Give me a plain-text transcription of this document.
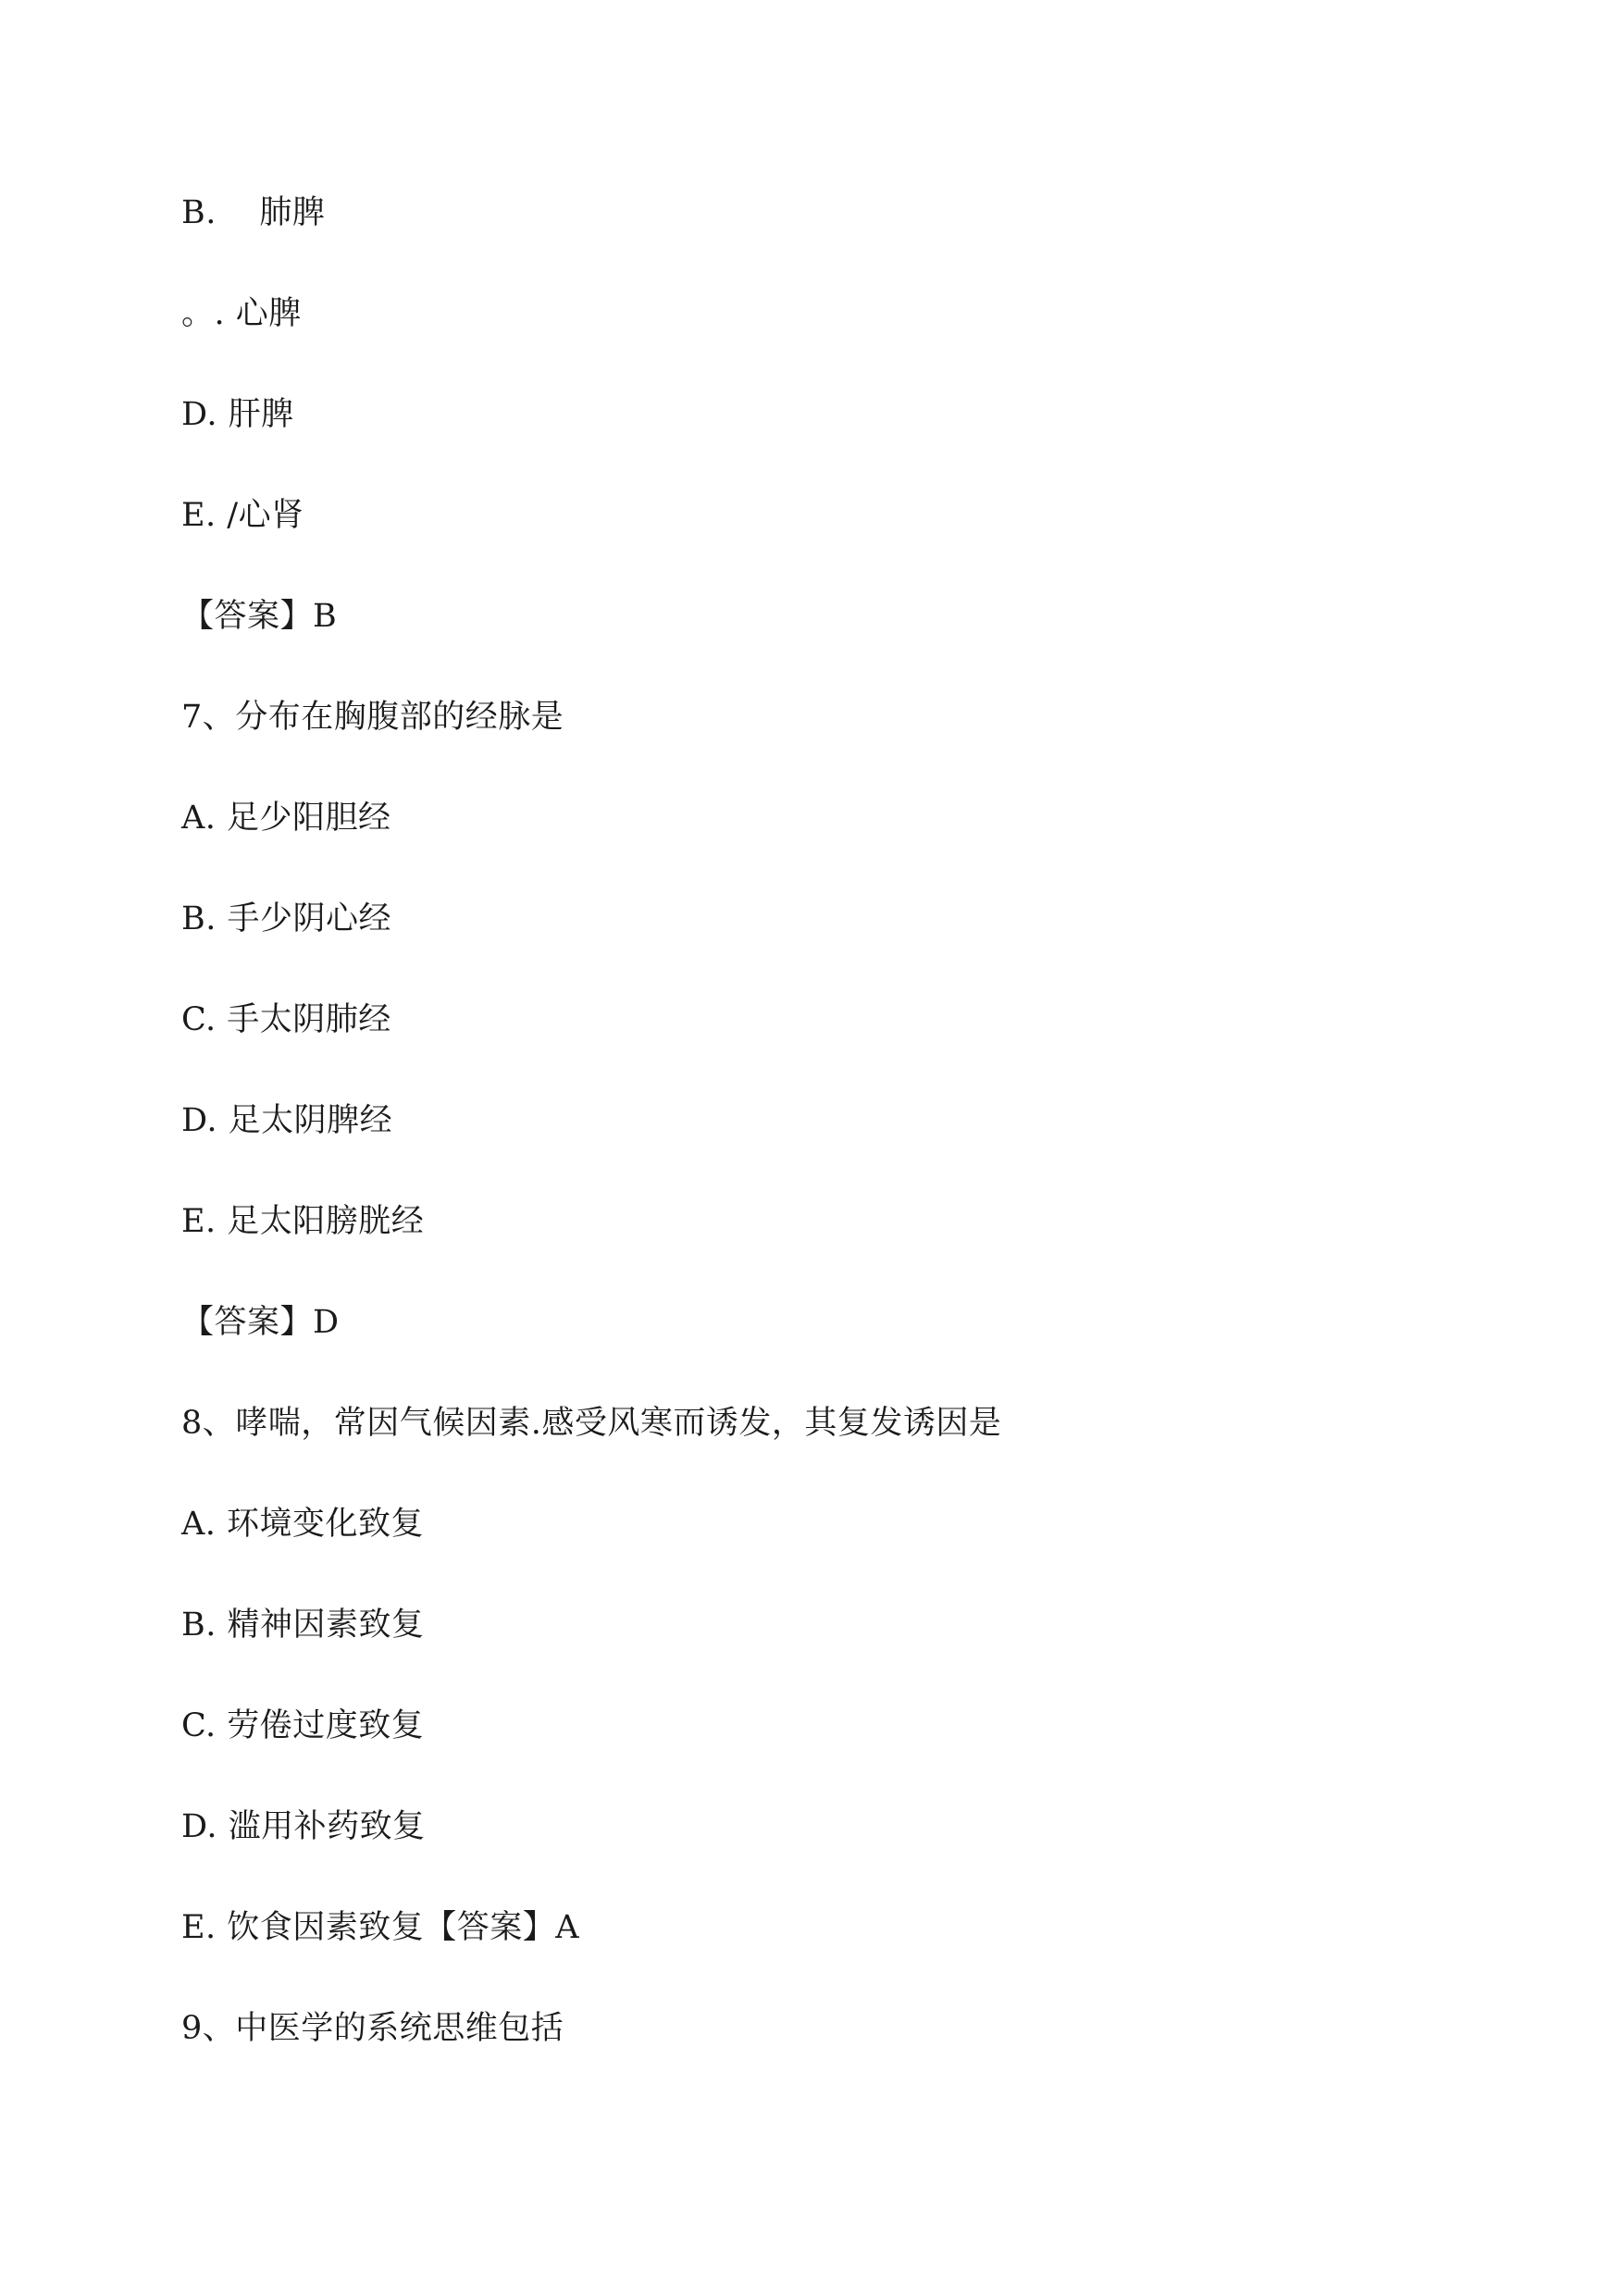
B.    肺脾
。. 心脾
D. 肝脾
E. /心肾
【答案】B
7、分布在胸腹部的经脉是
A. 足少阳胆经
B. 手少阴心经
C. 手太阴肺经
D. 足太阴脾经
E. 足太阳膀胱经
【答案】D
8、哮喘，常因气候因素.感受风寒而诱发，其复发诱因是
A. 环境变化致复
B. 精神因素致复
C. 劳倦过度致复
D. 滥用补药致复
E. 饮食因素致复【答案】A
9、中医学的系统思维包括
